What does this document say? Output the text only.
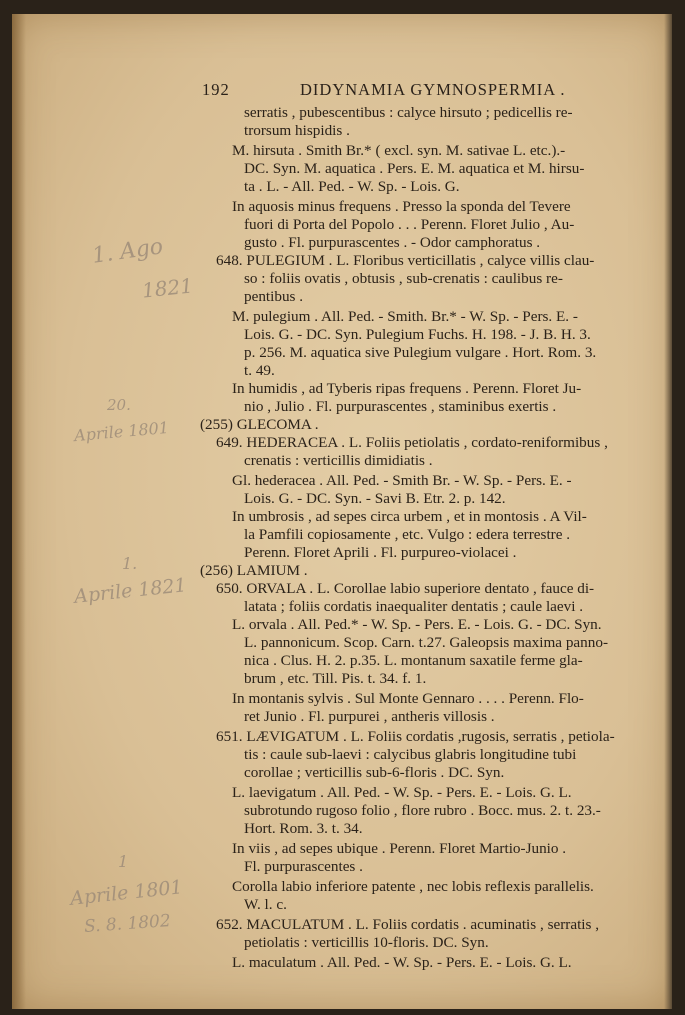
192	DIDYNAMIA GYMNOSPERMIA .
serratis , pubescentibus : calyce hirsuto ; pedicellis re-
trorsum hispidis .
M. hirsuta . Smith Br.* ( excl. syn. M. sativae L. etc.).-
DC. Syn. M. aquatica . Pers. E. M. aquatica et M. hirsu-
ta . L. - All. Ped. - W. Sp. - Lois. G.
In aquosis minus frequens . Presso la sponda del Tevere
fuori di Porta del Popolo . . . Perenn. Floret Julio , Au-
gusto . Fl. purpurascentes . - Odor camphoratus .
648. PULEGIUM . L. Floribus verticillatis , calyce villis clau-
so : foliis ovatis , obtusis , sub-crenatis : caulibus re-
pentibus .
M. pulegium . All. Ped. - Smith. Br.* - W. Sp. - Pers. E. -
Lois. G. - DC. Syn. Pulegium Fuchs. H. 198. - J. B. H. 3.
p. 256. M. aquatica sive Pulegium vulgare . Hort. Rom. 3.
t. 49.
In humidis , ad Tyberis ripas frequens . Perenn. Floret Ju-
nio , Julio . Fl. purpurascentes , staminibus exertis .
(255) GLECOMA .
649. HEDERACEA . L. Foliis petiolatis , cordato-reniformibus ,
crenatis : verticillis dimidiatis .
Gl. hederacea . All. Ped. - Smith Br. - W. Sp. - Pers. E. -
Lois. G. - DC. Syn. - Savi B. Etr. 2. p. 142.
In umbrosis , ad sepes circa urbem , et in montosis . A Vil-
la Pamfili copiosamente , etc. Vulgo : edera terrestre .
Perenn. Floret Aprili . Fl. purpureo-violacei .
(256) LAMIUM .
650. ORVALA . L. Corollae labio superiore dentato , fauce di-
latata ; foliis cordatis inaequaliter dentatis ; caule laevi .
L. orvala . All. Ped.* - W. Sp. - Pers. E. - Lois. G. - DC. Syn.
L. pannonicum. Scop. Carn. t.27. Galeopsis maxima panno-
nica . Clus. H. 2. p.35. L. montanum saxatile ferme gla-
brum , etc. Till. Pis. t. 34. f. 1.
In montanis sylvis . Sul Monte Gennaro . . . . Perenn. Flo-
ret Junio . Fl. purpurei , antheris villosis .
651. LÆVIGATUM . L. Foliis cordatis ,rugosis, serratis , petiola-
tis : caule sub-laevi : calycibus glabris longitudine tubi
corollae ; verticillis sub-6-floris . DC. Syn.
L. laevigatum . All. Ped. - W. Sp. - Pers. E. - Lois. G. L.
subrotundo rugoso folio , flore rubro . Bocc. mus. 2. t. 23.-
Hort. Rom. 3. t. 34.
In viis , ad sepes ubique . Perenn. Floret Martio-Junio .
Fl. purpurascentes .
Corolla labio inferiore patente , nec lobis reflexis parallelis.
W. l. c.
652. MACULATUM . L. Foliis cordatis . acuminatis , serratis ,
petiolatis : verticillis 10-floris. DC. Syn.
L. maculatum . All. Ped. - W. Sp. - Pers. E. - Lois. G. L.
1. Ago
1821
20.
Aprile 1801
1.
Aprile 1821
1
Aprile 1801
S. 8. 1802
